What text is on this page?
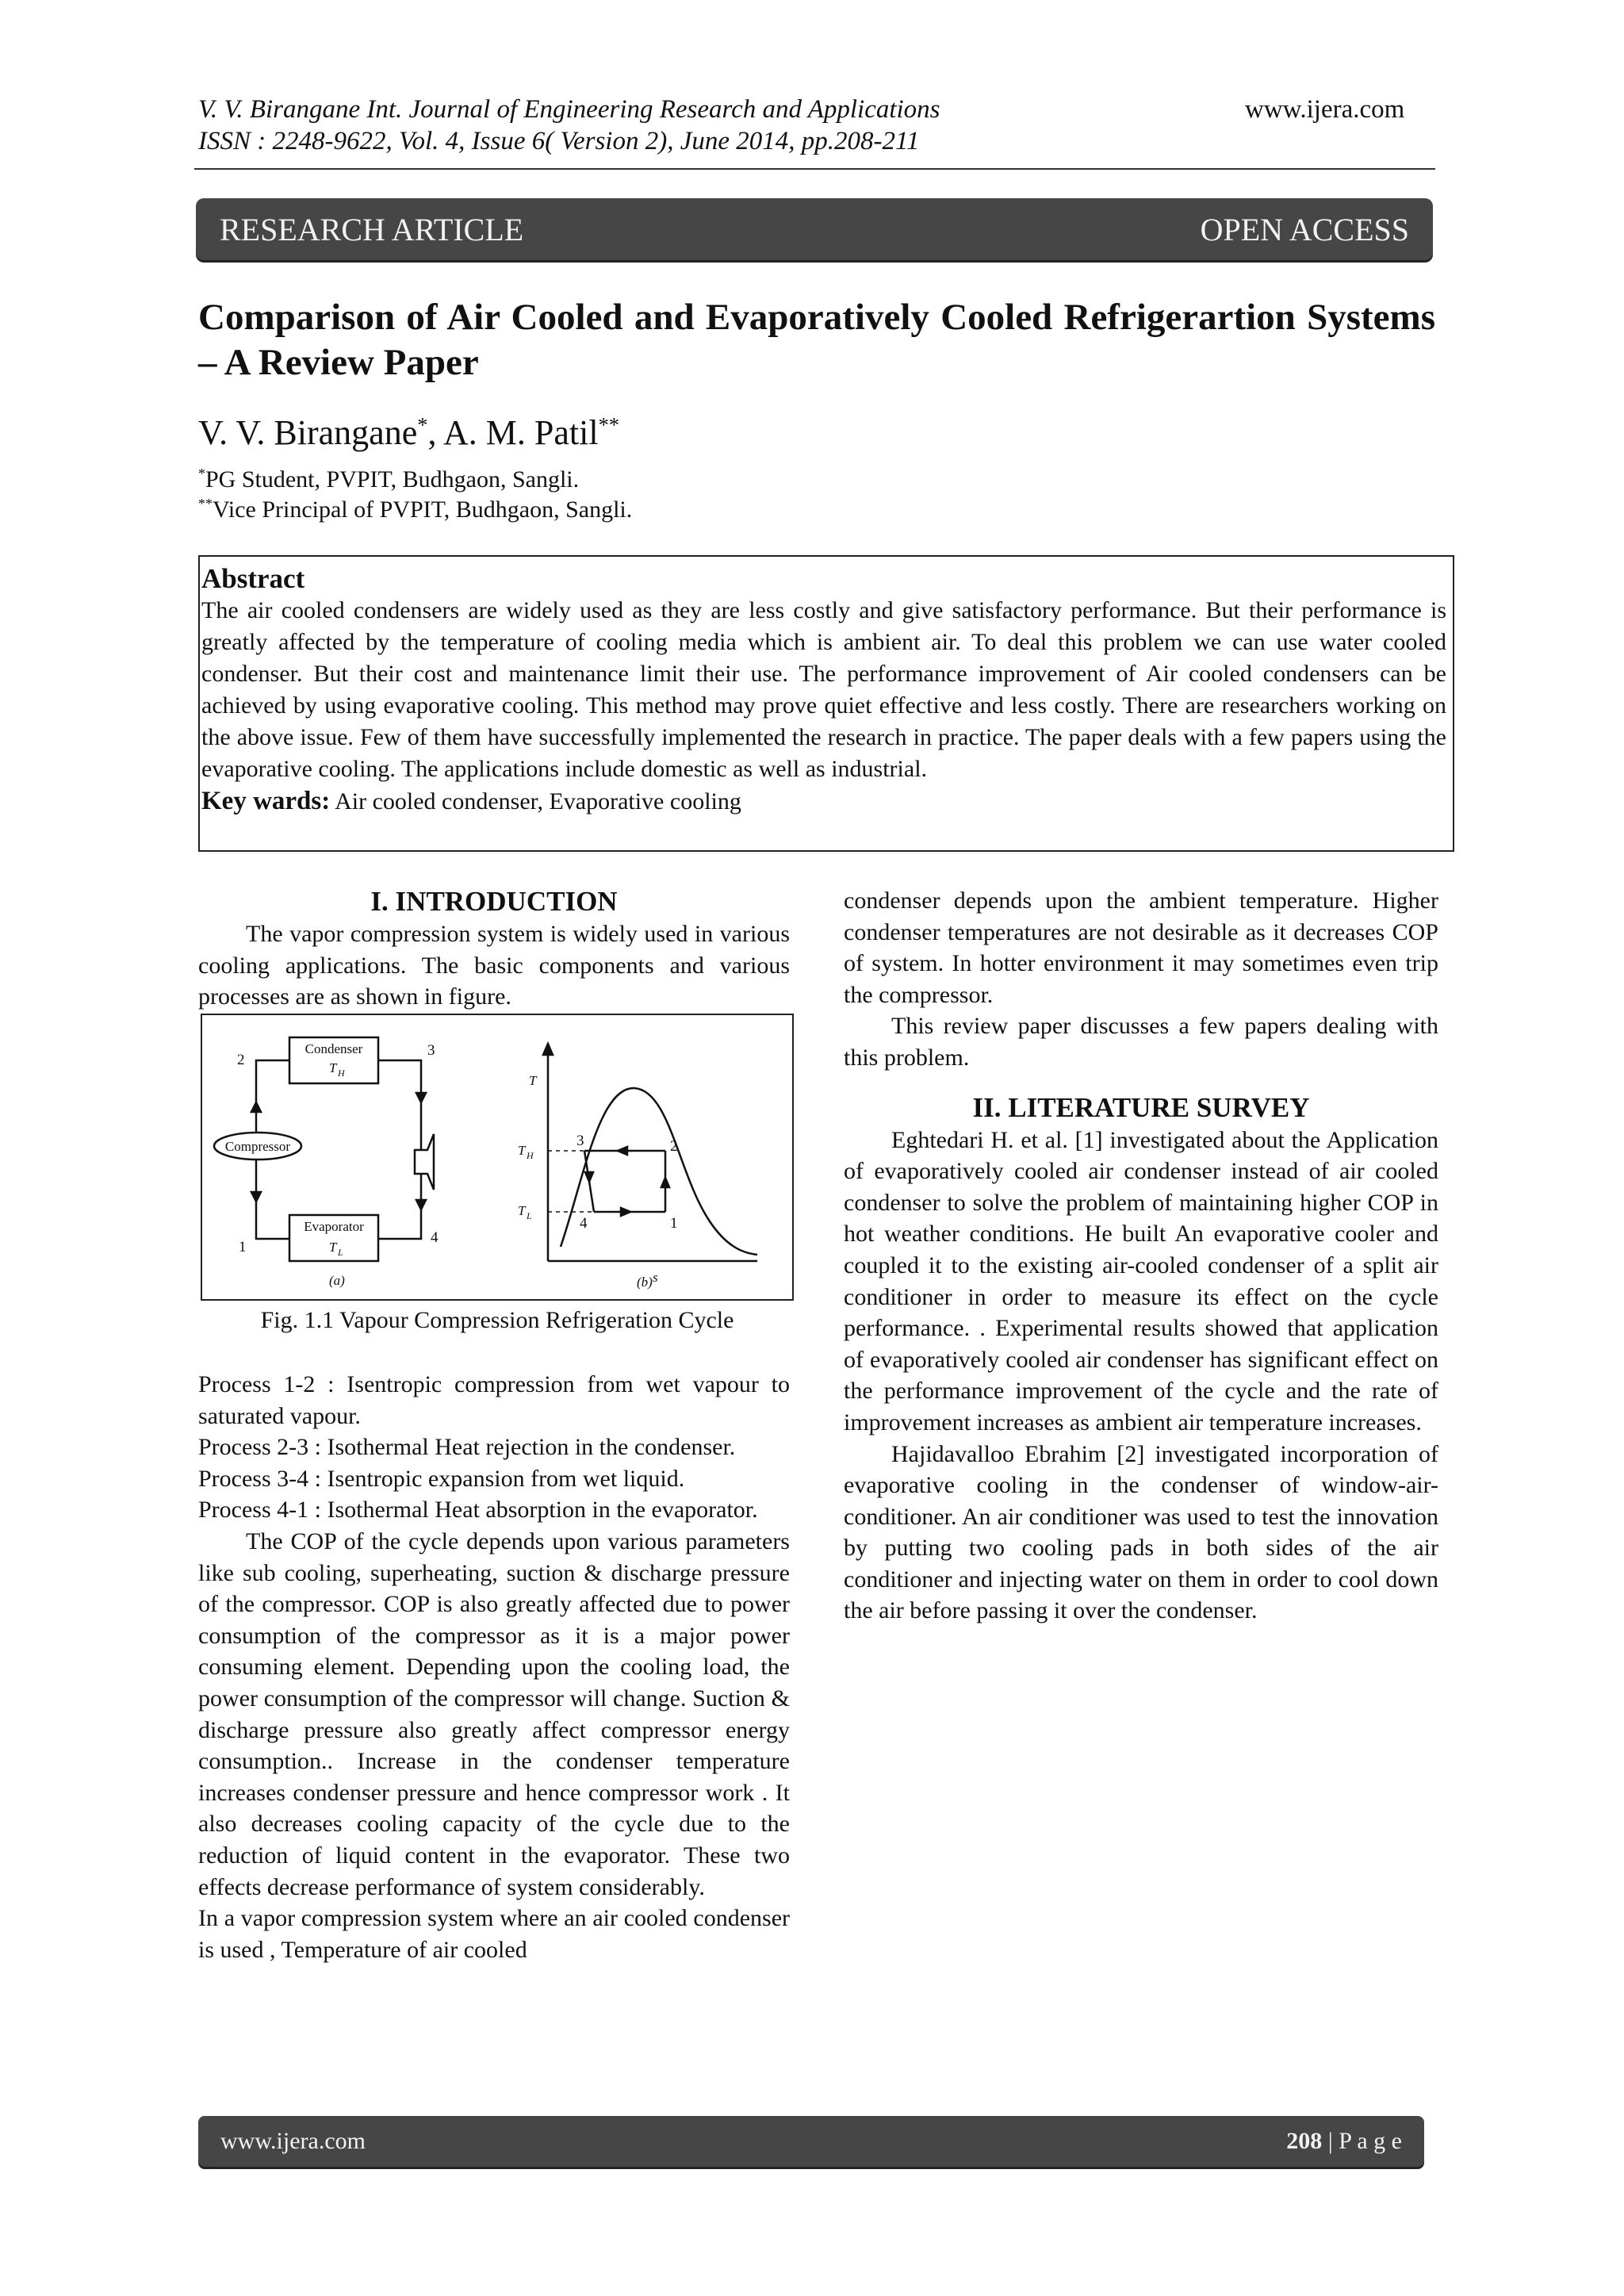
V. V. Birangane Int. Journal of Engineering Research and Applications
ISSN : 2248-9622, Vol. 4, Issue 6( Version 2), June 2014, pp.208-211
www.ijera.com
RESEARCH ARTICLE	OPEN ACCESS
Comparison of Air Cooled and Evaporatively Cooled Refrigerartion Systems – A Review Paper
V. V. Birangane*, A. M. Patil**
*PG Student, PVPIT, Budhgaon, Sangli.
**Vice Principal of PVPIT, Budhgaon, Sangli.
Abstract
The air cooled condensers are widely used as they are less costly and give satisfactory performance. But their performance is greatly affected by the temperature of cooling media which is ambient air. To deal this problem we can use water cooled condenser. But their cost and maintenance limit their use. The performance improvement of Air cooled condensers can be achieved by using evaporative cooling. This method may prove quiet effective and less costly. There are researchers working on the above issue. Few of them have successfully implemented the research in practice. The paper deals with a few papers using the evaporative cooling. The applications include domestic as well as industrial.
Key wards: Air cooled condenser, Evaporative cooling
I. INTRODUCTION

The vapor compression system is widely used in various cooling applications. The basic components and various processes are as shown in figure.

Condenser
T H
Compressor
Evaporator
T L
1
2
3
4
(a)
T
T H
T L
3	2
4	1
s
(b)
Fig. 1.1 Vapour Compression Refrigeration Cycle

Process 1-2 : Isentropic compression from wet vapour to saturated vapour.

Process 2-3 : Isothermal Heat rejection in the condenser.

Process 3-4 : Isentropic expansion from wet liquid.

Process 4-1 : Isothermal Heat absorption in the evaporator.

The COP of the cycle depends upon various parameters like sub cooling, superheating, suction & discharge pressure of the compressor. COP is also greatly affected due to power consumption of the compressor as it is a major power consuming element. Depending upon the cooling load, the power consumption of the compressor will change. Suction & discharge pressure also greatly affect compressor energy consumption.. Increase in the condenser temperature increases condenser pressure and hence compressor work . It also decreases cooling capacity of the cycle due to the reduction of liquid content in the evaporator. These two effects decrease performance of system considerably.

In a vapor compression system where an air cooled condenser is used , Temperature of air cooled

condenser depends upon the ambient temperature. Higher condenser temperatures are not desirable as it decreases COP of system. In hotter environment it may sometimes even trip the compressor.

This review paper discusses a few papers dealing with this problem.

II. LITERATURE SURVEY

Eghtedari H. et al. [1] investigated about the Application of evaporatively cooled air condenser instead of air cooled condenser to solve the problem of maintaining higher COP in hot weather conditions. He built An evaporative cooler and coupled it to the existing air-cooled condenser of a split air conditioner in order to measure its effect on the cycle performance. . Experimental results showed that application of evaporatively cooled air condenser has significant effect on the performance improvement of the cycle and the rate of improvement increases as ambient air temperature increases.

Hajidavalloo Ebrahim [2] investigated incorporation of evaporative cooling in the condenser of window-air-conditioner. An air conditioner was used to test the innovation by putting two cooling pads in both sides of the air conditioner and injecting water on them in order to cool down the air before passing it over the condenser.

www.ijera.com	208 | P a g e
